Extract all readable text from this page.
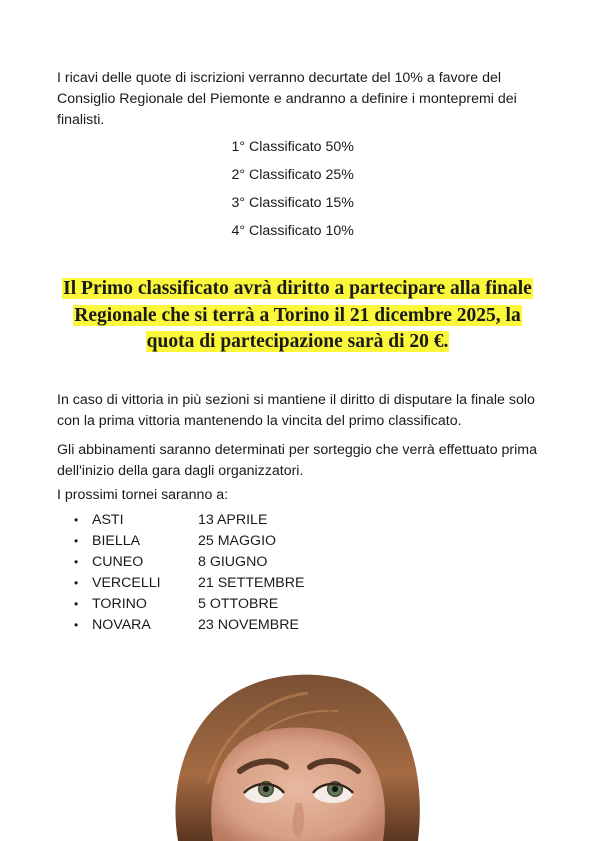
I ricavi delle quote di iscrizioni verranno decurtate del 10% a favore del Consiglio Regionale del Piemonte e andranno a definire i montepremi dei finalisti.

1° Classificato 50%
2° Classificato 25%
3° Classificato 15%
4° Classificato 10%
Il Primo classificato avrà diritto a partecipare alla finale
Regionale che si terrà a Torino il 21 dicembre 2025, la
quota di partecipazione sarà di 20 €.

In caso di vittoria in più sezioni si mantiene il diritto di disputare la finale solo con la prima vittoria mantenendo la vincita del primo classificato.

Gli abbinamenti saranno determinati per sorteggio che verrà effettuato prima dell'inizio della gara dagli organizzatori.

I prossimi tornei saranno a:

• ASTI	13 APRILE
• BIELLA	25 MAGGIO
• CUNEO	8 GIUGNO
• VERCELLI	21 SETTEMBRE
• TORINO	5 OTTOBRE
• NOVARA	23 NOVEMBRE
